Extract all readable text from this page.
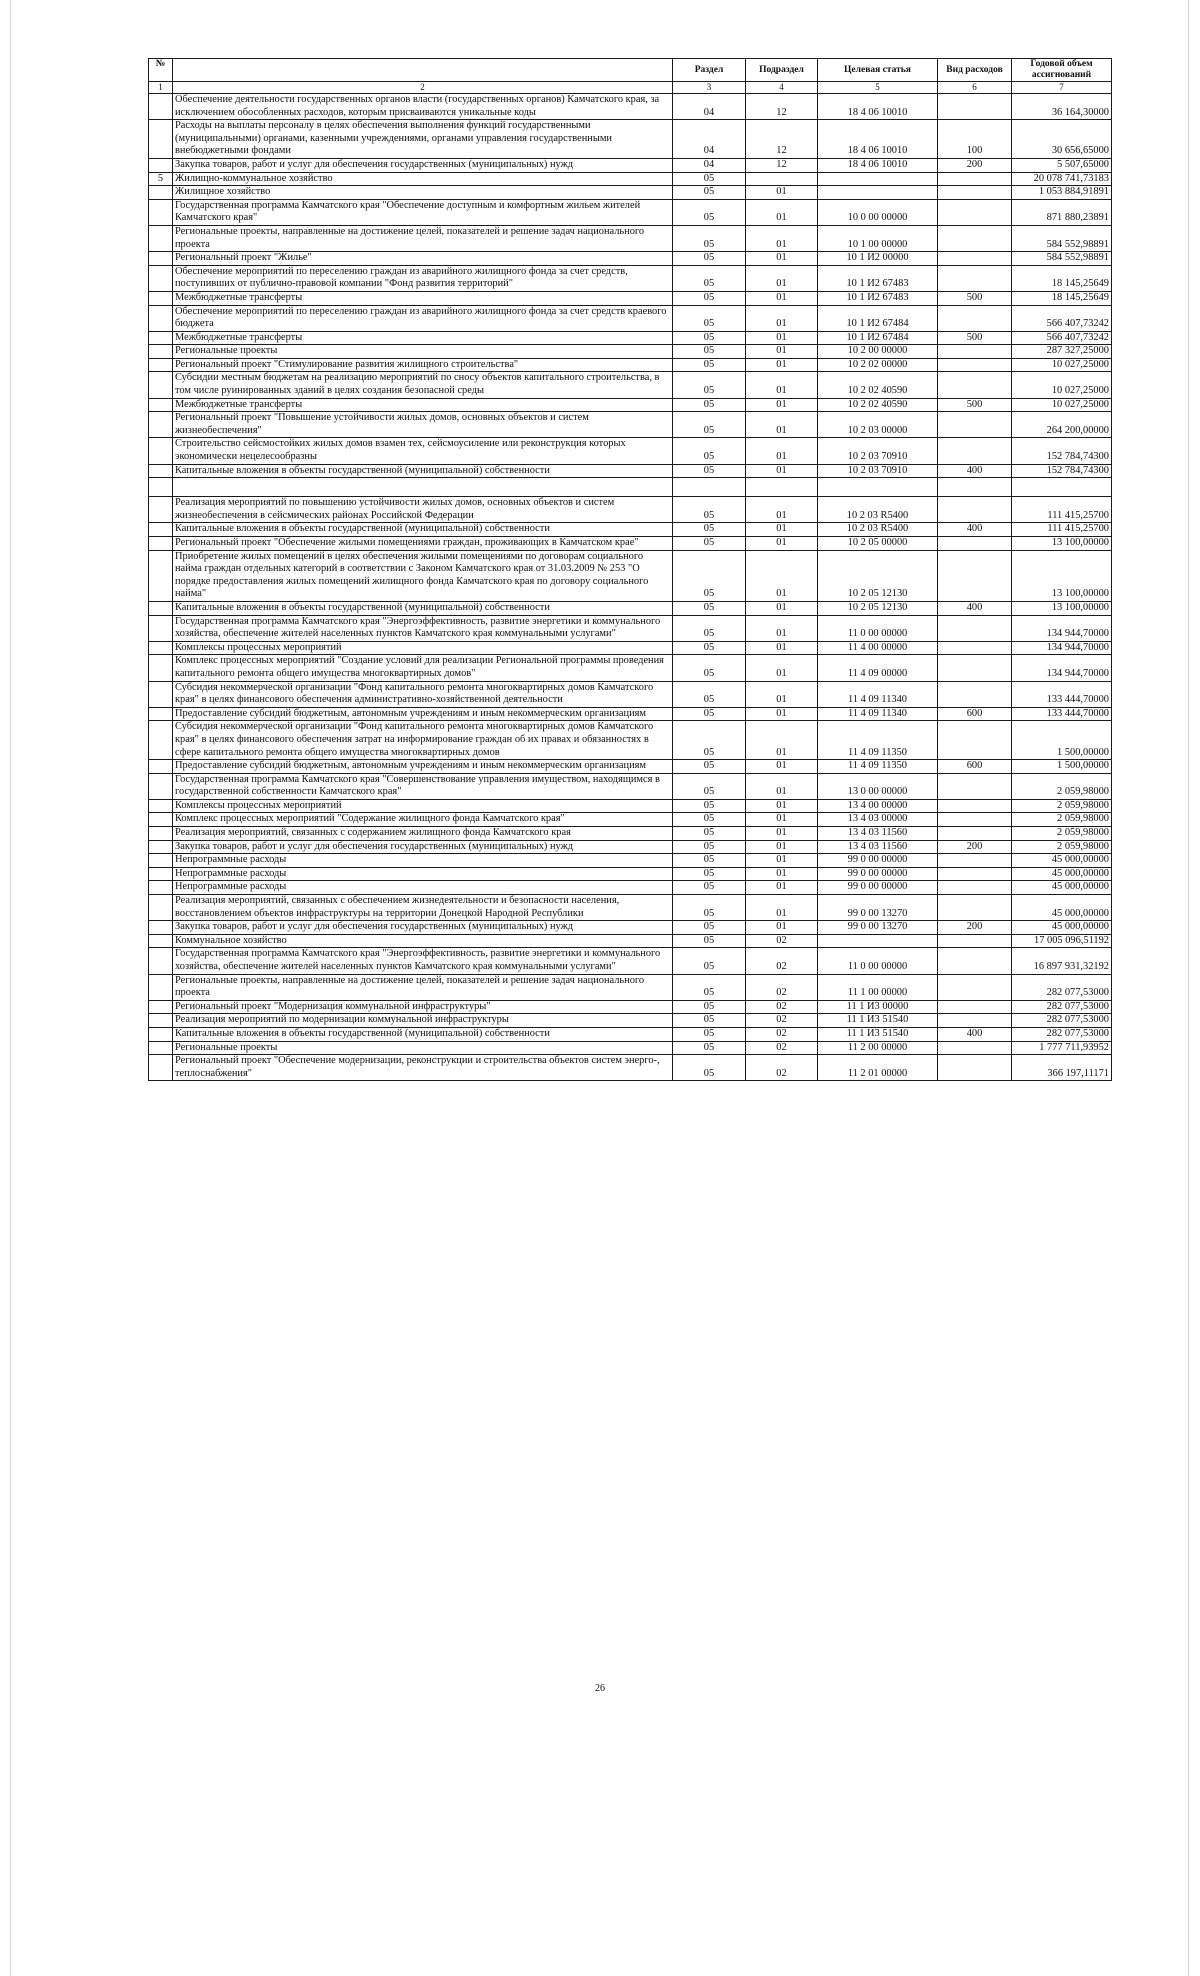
№		Раздел	Подраздел	Целевая статья	Вид расходов	Годовой объем ассигнований
1	2	3	4	5	6	7
	Обеспечение деятельности государственных органов власти (государственных органов) Камчатского края, за исключением обособленных расходов, которым присваиваются уникальные коды	04	12	18 4 06 10010		36 164,30000
	Расходы на выплаты персоналу в целях обеспечения выполнения функций государственными (муниципальными) органами, казенными учреждениями, органами управления государственными внебюджетными фондами	04	12	18 4 06 10010	100	30 656,65000
	Закупка товаров, работ и услуг для обеспечения государственных (муниципальных) нужд	04	12	18 4 06 10010	200	5 507,65000
5	Жилищно-коммунальное хозяйство	05				20 078 741,73183
	Жилищное хозяйство	05	01			1 053 884,91891
	Государственная программа Камчатского края "Обеспечение доступным и комфортным жильем жителей Камчатского края"	05	01	10 0 00 00000		871 880,23891
	Региональные проекты, направленные на достижение целей, показателей и решение задач национального проекта	05	01	10 1 00 00000		584 552,98891
	Региональный проект "Жилье"	05	01	10 1 И2 00000		584 552,98891
	Обеспечение мероприятий по переселению граждан из аварийного жилищного фонда за счет средств, поступивших от публично-правовой компании "Фонд развития территорий"	05	01	10 1 И2 67483		18 145,25649
	Межбюджетные трансферты	05	01	10 1 И2 67483	500	18 145,25649
	Обеспечение мероприятий по переселению граждан из аварийного жилищного фонда за счет средств краевого бюджета	05	01	10 1 И2 67484		566 407,73242
	Межбюджетные трансферты	05	01	10 1 И2 67484	500	566 407,73242
	Региональные проекты	05	01	10 2 00 00000		287 327,25000
	Региональный проект "Стимулирование развития жилищного строительства"	05	01	10 2 02 00000		10 027,25000
	Субсидии местным бюджетам на реализацию мероприятий по сносу объектов капитального строительства, в том числе руинированных зданий в целях создания безопасной среды	05	01	10 2 02 40590		10 027,25000
	Межбюджетные трансферты	05	01	10 2 02 40590	500	10 027,25000
	Региональный проект "Повышение устойчивости жилых домов, основных объектов и систем жизнеобеспечения"	05	01	10 2 03 00000		264 200,00000
	Строительство сейсмостойких жилых домов взамен тех, сейсмоусиление или реконструкция которых экономически нецелесообразны	05	01	10 2 03 70910		152 784,74300
	Капитальные вложения в объекты государственной (муниципальной) собственности	05	01	10 2 03 70910	400	152 784,74300

	Реализация мероприятий по повышению устойчивости жилых домов, основных объектов и систем жизнеобеспечения в сейсмических районах Российской Федерации	05	01	10 2 03 R5400		111 415,25700
	Капитальные вложения в объекты государственной (муниципальной) собственности	05	01	10 2 03 R5400	400	111 415,25700
	Региональный проект "Обеспечение жилыми помещениями граждан, проживающих в Камчатском крае"	05	01	10 2 05 00000		13 100,00000
	Приобретение жилых помещений в целях обеспечения жилыми помещениями по договорам социального найма граждан отдельных категорий в соответствии с Законом Камчатского края от 31.03.2009 № 253 "О порядке предоставления жилых помещений жилищного фонда Камчатского края по договору социального найма"	05	01	10 2 05 12130		13 100,00000
	Капитальные вложения в объекты государственной (муниципальной) собственности	05	01	10 2 05 12130	400	13 100,00000
	Государственная программа Камчатского края "Энергоэффективность, развитие энергетики и коммунального хозяйства, обеспечение жителей населенных пунктов Камчатского края коммунальными услугами"	05	01	11 0 00 00000		134 944,70000
	Комплексы процессных мероприятий	05	01	11 4 00 00000		134 944,70000
	Комплекс процессных мероприятий "Создание условий для реализации Региональной программы проведения капитального ремонта общего имущества многоквартирных домов"	05	01	11 4 09 00000		134 944,70000
	Субсидия некоммерческой организации "Фонд капитального ремонта многоквартирных домов Камчатского края" в целях финансового обеспечения административно-хозяйственной деятельности	05	01	11 4 09 11340		133 444,70000
	Предоставление субсидий бюджетным, автономным учреждениям и иным некоммерческим организациям	05	01	11 4 09 11340	600	133 444,70000
	Субсидия некоммерческой организации "Фонд капитального ремонта многоквартирных домов Камчатского края" в целях финансового обеспечения затрат на информирование граждан об их правах и обязанностях в сфере капитального ремонта общего имущества многоквартирных домов	05	01	11 4 09 11350		1 500,00000
	Предоставление субсидий бюджетным, автономным учреждениям и иным некоммерческим организациям	05	01	11 4 09 11350	600	1 500,00000
	Государственная программа Камчатского края "Совершенствование управления имуществом, находящимся в государственной собственности Камчатского края"	05	01	13 0 00 00000		2 059,98000
	Комплексы процессных мероприятий	05	01	13 4 00 00000		2 059,98000
	Комплекс процессных мероприятий "Содержание жилищного фонда Камчатского края"	05	01	13 4 03 00000		2 059,98000
	Реализация мероприятий, связанных с содержанием жилищного фонда Камчатского края	05	01	13 4 03 11560		2 059,98000
	Закупка товаров, работ и услуг для обеспечения государственных (муниципальных) нужд	05	01	13 4 03 11560	200	2 059,98000
	Непрограммные расходы	05	01	99 0 00 00000		45 000,00000
	Непрограммные расходы	05	01	99 0 00 00000		45 000,00000
	Непрограммные расходы	05	01	99 0 00 00000		45 000,00000
	Реализация мероприятий, связанных с обеспечением жизнедеятельности и безопасности населения, восстановлением объектов инфраструктуры на территории Донецкой Народной Республики	05	01	99 0 00 13270		45 000,00000
	Закупка товаров, работ и услуг для обеспечения государственных (муниципальных) нужд	05	01	99 0 00 13270	200	45 000,00000
	Коммунальное хозяйство	05	02			17 005 096,51192
	Государственная программа Камчатского края "Энергоэффективность, развитие энергетики и коммунального хозяйства, обеспечение жителей населенных пунктов Камчатского края коммунальными услугами"	05	02	11 0 00 00000		16 897 931,32192
	Региональные проекты, направленные на достижение целей, показателей и решение задач национального проекта	05	02	11 1 00 00000		282 077,53000
	Региональный проект "Модернизация коммунальной инфраструктуры"	05	02	11 1 И3 00000		282 077,53000
	Реализация мероприятий по модернизации коммунальной инфраструктуры	05	02	11 1 И3 51540		282 077,53000
	Капитальные вложения в объекты государственной (муниципальной) собственности	05	02	11 1 И3 51540	400	282 077,53000
	Региональные проекты	05	02	11 2 00 00000		1 777 711,93952
	Региональный проект "Обеспечение модернизации, реконструкции и строительства объектов систем энерго-, теплоснабжения"	05	02	11 2 01 00000		366 197,11171
26
